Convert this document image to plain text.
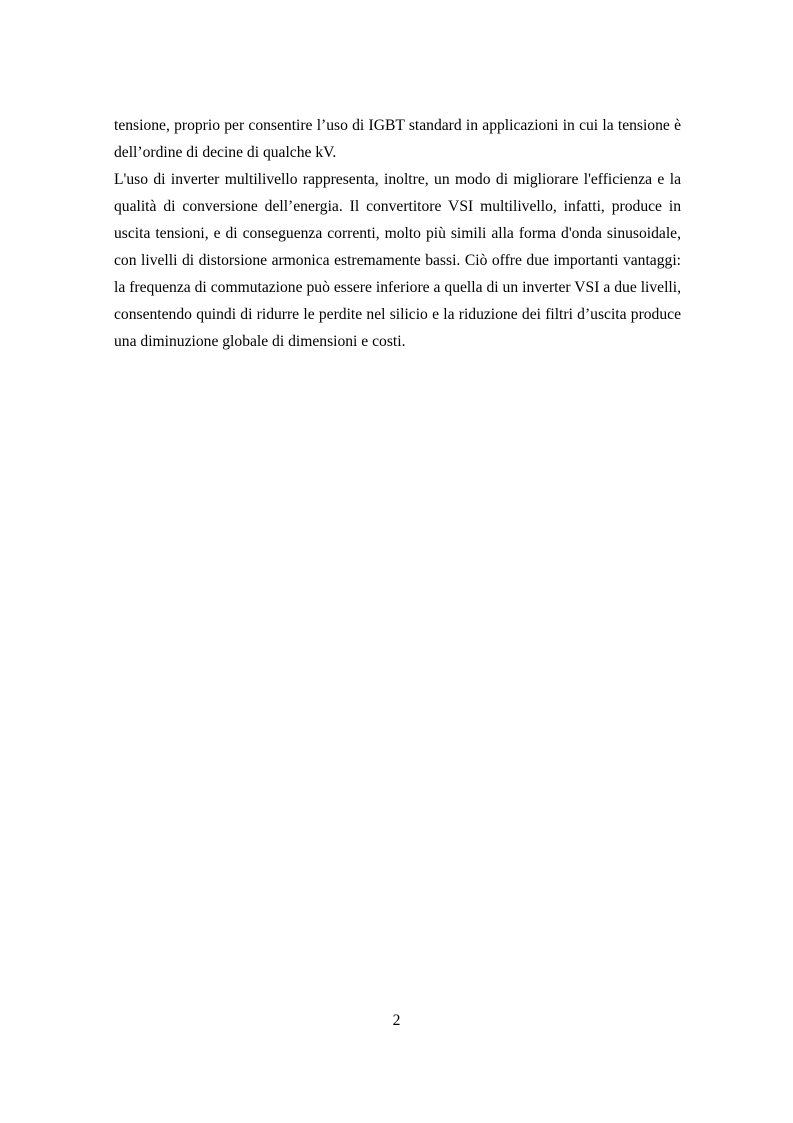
tensione, proprio per consentire l’uso di IGBT standard in applicazioni in cui la tensione è dell’ordine di decine di qualche kV.

L'uso di inverter multilivello rappresenta, inoltre, un modo di migliorare l'efficienza e la qualità di conversione dell’energia. Il convertitore VSI multilivello, infatti, produce in uscita tensioni, e di conseguenza correnti, molto più simili alla forma d'onda sinusoidale, con livelli di distorsione armonica estremamente bassi. Ciò offre due importanti vantaggi: la frequenza di commutazione può essere inferiore a quella di un inverter VSI a due livelli, consentendo quindi di ridurre le perdite nel silicio e la riduzione dei filtri d’uscita produce una diminuzione globale di dimensioni e costi.

2
